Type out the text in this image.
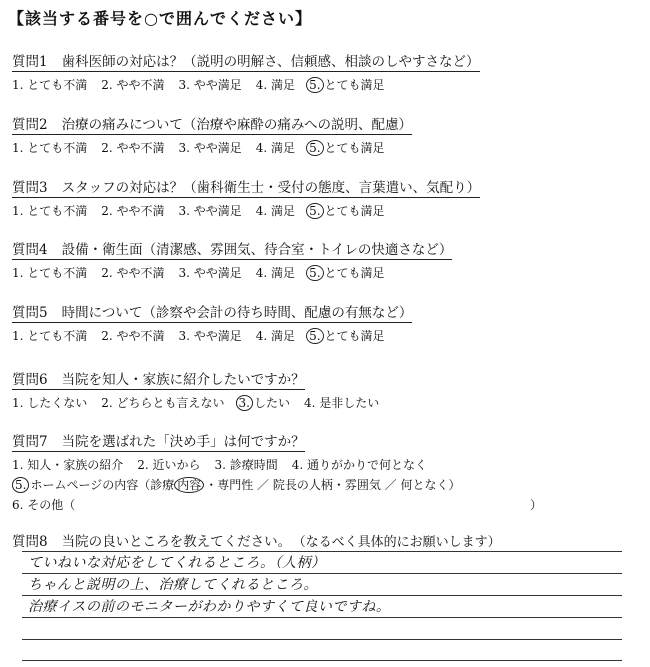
【該当する番号を○で囲んでください】
質問1 歯科医師の対応は？（説明の明解さ、信頼感、相談のしやすさなど）
1. とても不満 2. やや不満 3. やや満足 4. 満足 5. とても満足
質問2 治療の痛みについて（治療や麻酔の痛みへの説明、配慮）
1. とても不満 2. やや不満 3. やや満足 4. 満足 5. とても満足
質問3 スタッフの対応は？（歯科衛生士・受付の態度、言葉遣い、気配り）
1. とても不満 2. やや不満 3. やや満足 4. 満足 5. とても満足
質問4 設備・衛生面（清潔感、雰囲気、待合室・トイレの快適さなど）
1. とても不満 2. やや不満 3. やや満足 4. 満足 5. とても満足
質問5 時間について（診察や会計の待ち時間、配慮の有無など）
1. とても不満 2. やや不満 3. やや満足 4. 満足 5. とても満足
質問6 当院を知人・家族に紹介したいですか？
1. したくない 2. どちらとも言えない 3. したい 4. 是非したい
質問7 当院を選ばれた「決め手」は何ですか？
1. 知人・家族の紹介 2. 近いから 3. 診療時間 4. 通りがかりで何となく
5. ホームページの内容（診療 内容 ・専門性 ／ 院長の人柄・雰囲気 ／ 何となく）
6. その他（	）
質問8 当院の良いところを教えてください。 （なるべく具体的にお願いします）
ていねいな対応をしてくれるところ。（人柄）
ちゃんと説明の上、治療してくれるところ。
治療イスの前のモニターがわかりやすくて良いですね。
